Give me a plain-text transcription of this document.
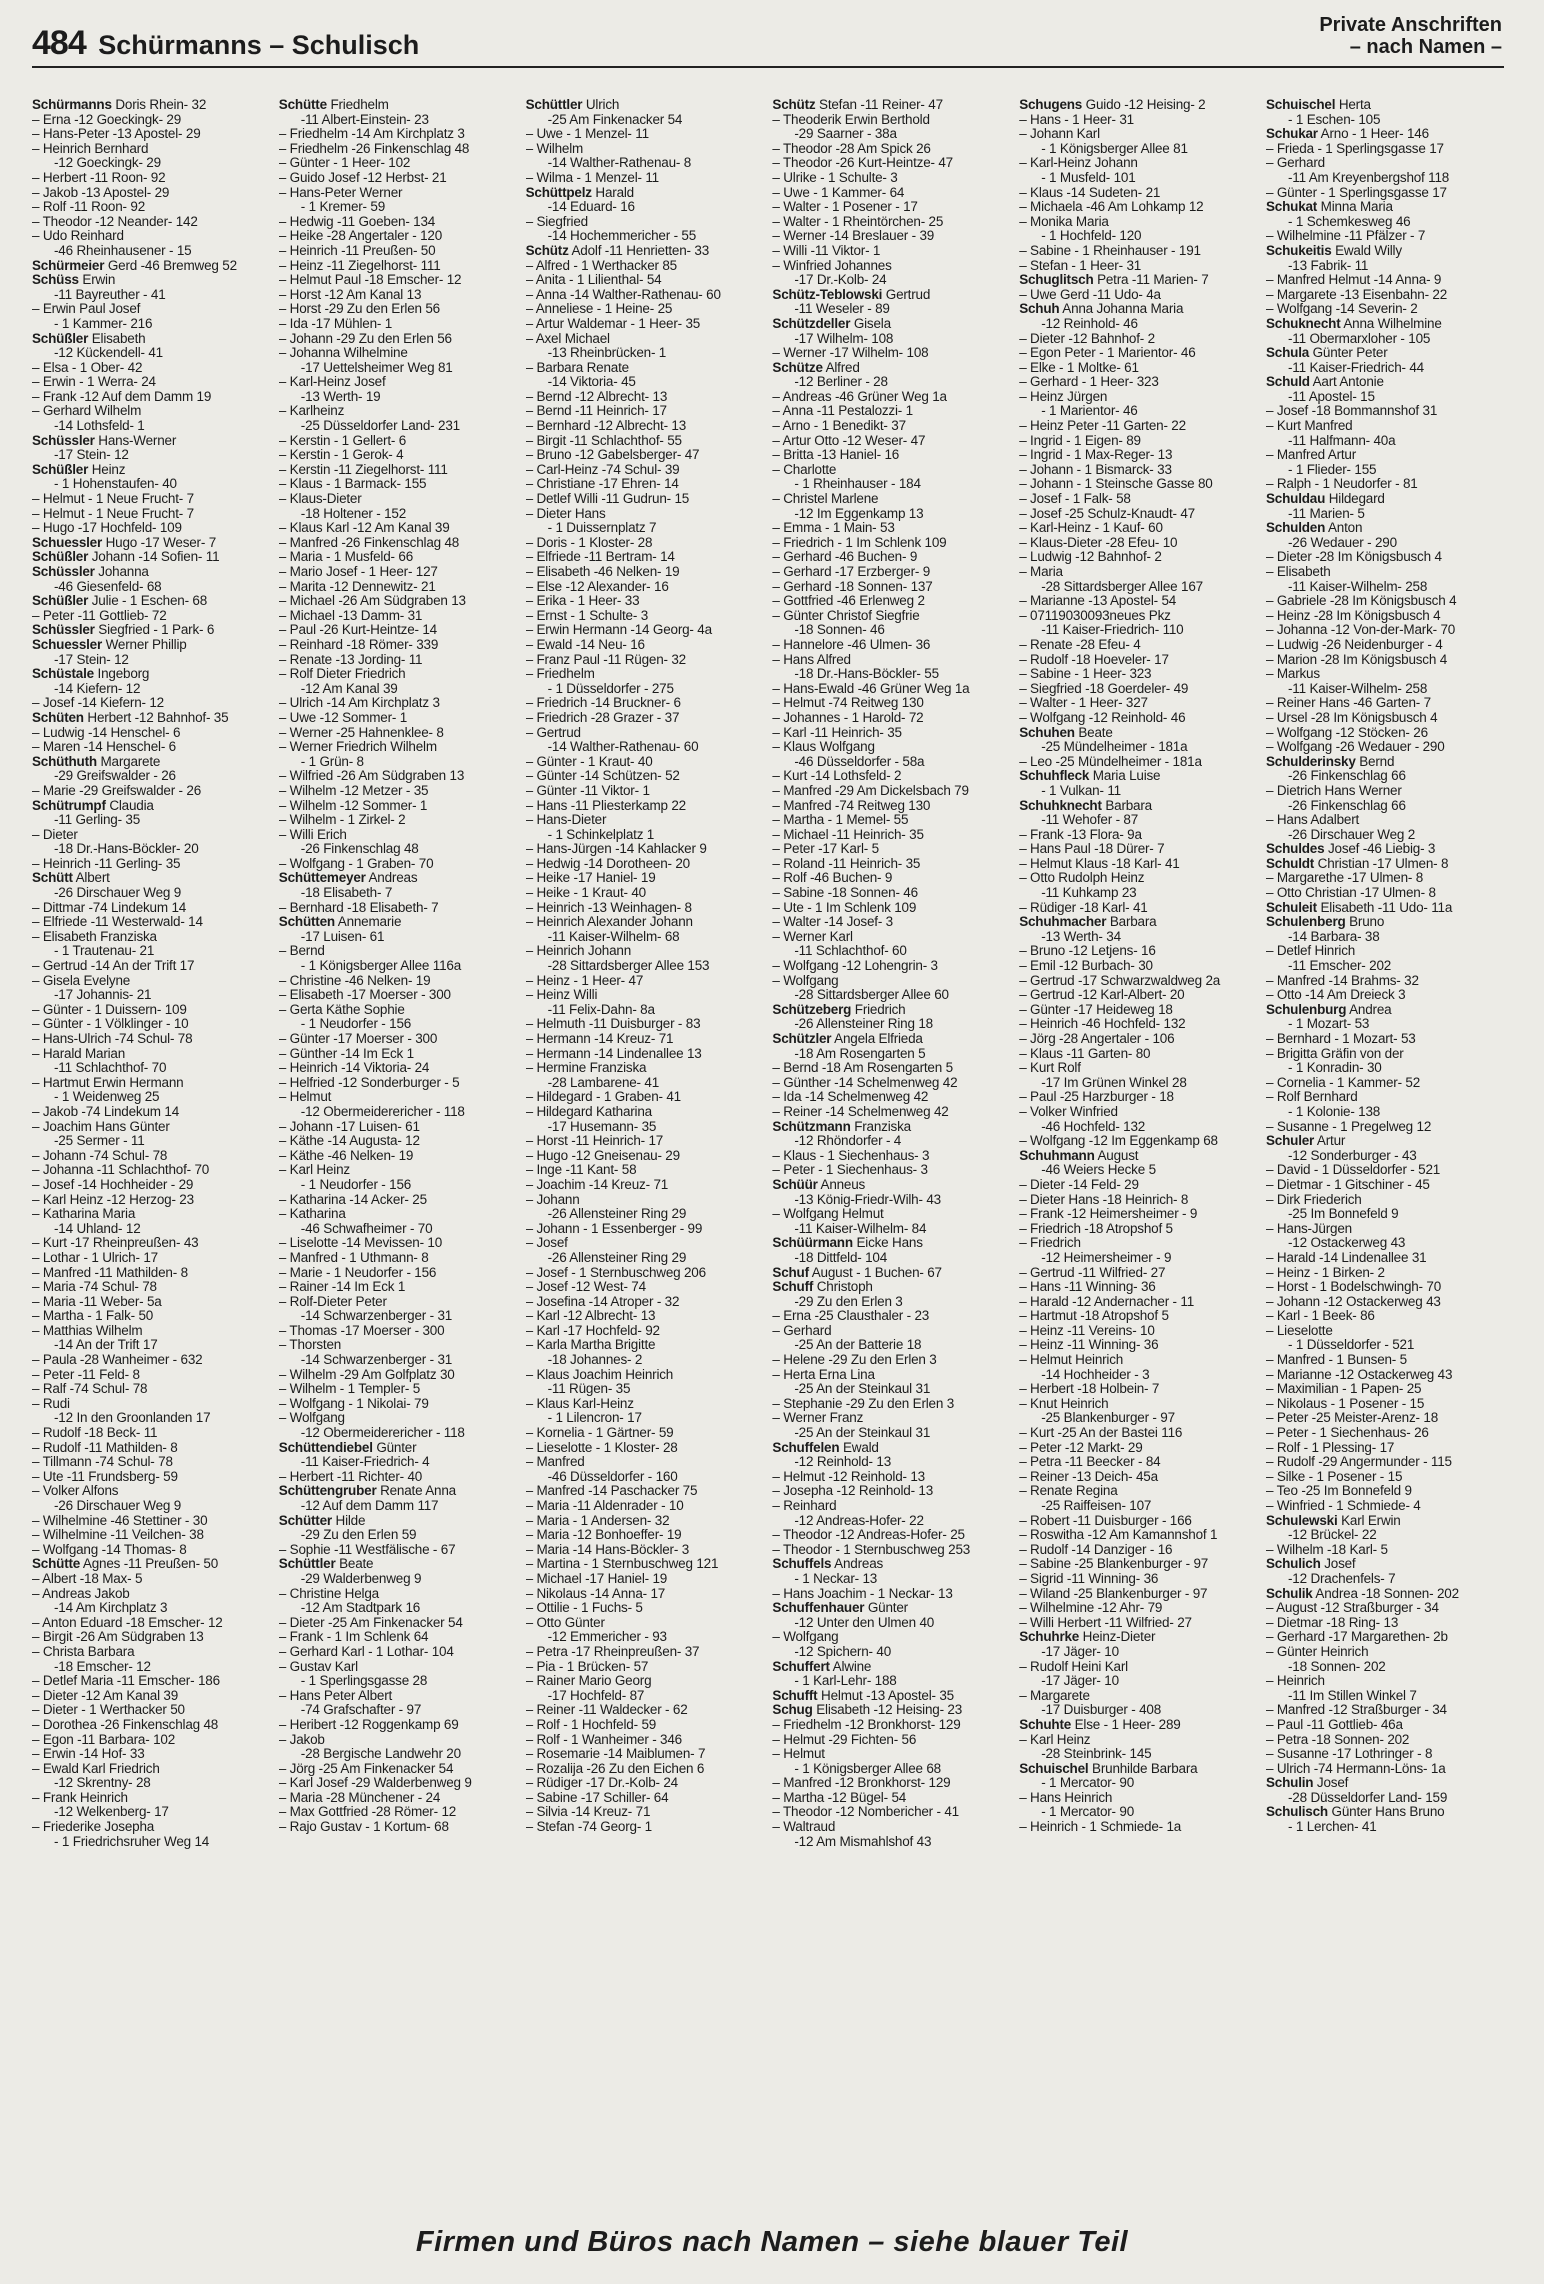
484 Schürmanns – Schulisch
Private Anschriften
– nach Namen –
Schürmanns Doris Rhein- 32
– Erna -12 Goeckingk- 29
– Hans-Peter -13 Apostel- 29
– Heinrich Bernhard
-12 Goeckingk- 29
– Herbert -11 Roon- 92
– Jakob -13 Apostel- 29
– Rolf -11 Roon- 92
– Theodor -12 Neander- 142
– Udo Reinhard
-46 Rheinhausener - 15
Schürmeier Gerd -46 Bremweg 52
Schüss Erwin
-11 Bayreuther - 41
– Erwin Paul Josef
- 1 Kammer- 216
Schüßler Elisabeth
-12 Kückendell- 41
– Elsa - 1 Ober- 42
– Erwin - 1 Werra- 24
– Frank -12 Auf dem Damm 19
– Gerhard Wilhelm
-14 Lothsfeld- 1
Schüssler Hans-Werner
-17 Stein- 12
Schüßler Heinz
- 1 Hohenstaufen- 40
– Helmut - 1 Neue Frucht- 7
– Helmut - 1 Neue Frucht- 7
– Hugo -17 Hochfeld- 109
Schuessler Hugo -17 Weser- 7
Schüßler Johann -14 Sofien- 11
Schüssler Johanna
-46 Giesenfeld- 68
Schüßler Julie - 1 Eschen- 68
– Peter -11 Gottlieb- 72
Schüssler Siegfried - 1 Park- 6
Schuessler Werner Phillip
-17 Stein- 12
Schüstale Ingeborg
-14 Kiefern- 12
– Josef -14 Kiefern- 12
Schüten Herbert -12 Bahnhof- 35
– Ludwig -14 Henschel- 6
– Maren -14 Henschel- 6
Schüthuth Margarete
-29 Greifswalder - 26
– Marie -29 Greifswalder - 26
Schütrumpf Claudia
-11 Gerling- 35
– Dieter
-18 Dr.-Hans-Böckler- 20
– Heinrich -11 Gerling- 35
Schütt Albert
-26 Dirschauer Weg 9
– Dittmar -74 Lindekum 14
– Elfriede -11 Westerwald- 14
– Elisabeth Franziska
- 1 Trautenau- 21
– Gertrud -14 An der Trift 17
– Gisela Evelyne
-17 Johannis- 21
– Günter - 1 Duissern- 109
– Günter - 1 Völklinger - 10
– Hans-Ulrich -74 Schul- 78
– Harald Marian
-11 Schlachthof- 70
– Hartmut Erwin Hermann
- 1 Weidenweg 25
– Jakob -74 Lindekum 14
– Joachim Hans Günter
-25 Sermer - 11
– Johann -74 Schul- 78
– Johanna -11 Schlachthof- 70
– Josef -14 Hochheider - 29
– Karl Heinz -12 Herzog- 23
– Katharina Maria
-14 Uhland- 12
– Kurt -17 Rheinpreußen- 43
– Lothar - 1 Ulrich- 17
– Manfred -11 Mathilden- 8
– Maria -74 Schul- 78
– Maria -11 Weber- 5a
– Martha - 1 Falk- 50
– Matthias Wilhelm
-14 An der Trift 17
– Paula -28 Wanheimer - 632
– Peter -11 Feld- 8
– Ralf -74 Schul- 78
– Rudi
-12 In den Groonlanden 17
– Rudolf -18 Beck- 11
– Rudolf -11 Mathilden- 8
– Tillmann -74 Schul- 78
– Ute -11 Frundsberg- 59
– Volker Alfons
-26 Dirschauer Weg 9
– Wilhelmine -46 Stettiner - 30
– Wilhelmine -11 Veilchen- 38
– Wolfgang -14 Thomas- 8
Schütte Agnes -11 Preußen- 50
– Albert -18 Max- 5
– Andreas Jakob
-14 Am Kirchplatz 3
– Anton Eduard -18 Emscher- 12
– Birgit -26 Am Südgraben 13
– Christa Barbara
-18 Emscher- 12
– Detlef Maria -11 Emscher- 186
– Dieter -12 Am Kanal 39
– Dieter - 1 Werthacker 50
– Dorothea -26 Finkenschlag 48
– Egon -11 Barbara- 102
– Erwin -14 Hof- 33
– Ewald Karl Friedrich
-12 Skrentny- 28
– Frank Heinrich
-12 Welkenberg- 17
– Friederike Josepha
- 1 Friedrichsruher Weg 14
Schütte Friedhelm
-11 Albert-Einstein- 23
– Friedhelm -14 Am Kirchplatz 3
– Friedhelm -26 Finkenschlag 48
– Günter - 1 Heer- 102
– Guido Josef -12 Herbst- 21
– Hans-Peter Werner
- 1 Kremer- 59
– Hedwig -11 Goeben- 134
– Heike -28 Angertaler - 120
– Heinrich -11 Preußen- 50
– Heinz -11 Ziegelhorst- 111
– Helmut Paul -18 Emscher- 12
– Horst -12 Am Kanal 13
– Horst -29 Zu den Erlen 56
– Ida -17 Mühlen- 1
– Johann -29 Zu den Erlen 56
– Johanna Wilhelmine
-17 Uettelsheimer Weg 81
– Karl-Heinz Josef
-13 Werth- 19
– Karlheinz
-25 Düsseldorfer Land- 231
– Kerstin - 1 Gellert- 6
– Kerstin - 1 Gerok- 4
– Kerstin -11 Ziegelhorst- 111
– Klaus - 1 Barmack- 155
– Klaus-Dieter
-18 Holtener - 152
– Klaus Karl -12 Am Kanal 39
– Manfred -26 Finkenschlag 48
– Maria - 1 Musfeld- 66
– Mario Josef - 1 Heer- 127
– Marita -12 Dennewitz- 21
– Michael -26 Am Südgraben 13
– Michael -13 Damm- 31
– Paul -26 Kurt-Heintze- 14
– Reinhard -18 Römer- 339
– Renate -13 Jording- 11
– Rolf Dieter Friedrich
-12 Am Kanal 39
– Ulrich -14 Am Kirchplatz 3
– Uwe -12 Sommer- 1
– Werner -25 Hahnenklee- 8
– Werner Friedrich Wilhelm
- 1 Grün- 8
– Wilfried -26 Am Südgraben 13
– Wilhelm -12 Metzer - 35
– Wilhelm -12 Sommer- 1
– Wilhelm - 1 Zirkel- 2
– Willi Erich
-26 Finkenschlag 48
– Wolfgang - 1 Graben- 70
Schüttemeyer Andreas
-18 Elisabeth- 7
– Bernhard -18 Elisabeth- 7
Schütten Annemarie
-17 Luisen- 61
– Bernd
- 1 Königsberger Allee 116a
– Christine -46 Nelken- 19
– Elisabeth -17 Moerser - 300
– Gerta Käthe Sophie
- 1 Neudorfer - 156
– Günter -17 Moerser - 300
– Günther -14 Im Eck 1
– Heinrich -14 Viktoria- 24
– Helfried -12 Sonderburger - 5
– Helmut
-12 Obermeiderericher - 118
– Johann -17 Luisen- 61
– Käthe -14 Augusta- 12
– Käthe -46 Nelken- 19
– Karl Heinz
- 1 Neudorfer - 156
– Katharina -14 Acker- 25
– Katharina
-46 Schwafheimer - 70
– Liselotte -14 Mevissen- 10
– Manfred - 1 Uthmann- 8
– Marie - 1 Neudorfer - 156
– Rainer -14 Im Eck 1
– Rolf-Dieter Peter
-14 Schwarzenberger - 31
– Thomas -17 Moerser - 300
– Thorsten
-14 Schwarzenberger - 31
– Wilhelm -29 Am Golfplatz 30
– Wilhelm - 1 Templer- 5
– Wolfgang - 1 Nikolai- 79
– Wolfgang
-12 Obermeiderericher - 118
Schüttendiebel Günter
-11 Kaiser-Friedrich- 4
– Herbert -11 Richter- 40
Schüttengruber Renate Anna
-12 Auf dem Damm 117
Schütter Hilde
-29 Zu den Erlen 59
– Sophie -11 Westfälische - 67
Schüttler Beate
-29 Walderbenweg 9
– Christine Helga
-12 Am Stadtpark 16
– Dieter -25 Am Finkenacker 54
– Frank - 1 Im Schlenk 64
– Gerhard Karl - 1 Lothar- 104
– Gustav Karl
- 1 Sperlingsgasse 28
– Hans Peter Albert
-74 Grafschafter - 97
– Heribert -12 Roggenkamp 69
– Jakob
-28 Bergische Landwehr 20
– Jörg -25 Am Finkenacker 54
– Karl Josef -29 Walderbenweg 9
– Maria -28 Münchener - 24
– Max Gottfried -28 Römer- 12
– Rajo Gustav - 1 Kortum- 68
Schüttler Ulrich
-25 Am Finkenacker 54
– Uwe - 1 Menzel- 11
– Wilhelm
-14 Walther-Rathenau- 8
– Wilma - 1 Menzel- 11
Schüttpelz Harald
-14 Eduard- 16
– Siegfried
-14 Hochemmericher - 55
Schütz Adolf -11 Henrietten- 33
– Alfred - 1 Werthacker 85
– Anita - 1 Lilienthal- 54
– Anna -14 Walther-Rathenau- 60
– Anneliese - 1 Heine- 25
– Artur Waldemar - 1 Heer- 35
– Axel Michael
-13 Rheinbrücken- 1
– Barbara Renate
-14 Viktoria- 45
– Bernd -12 Albrecht- 13
– Bernd -11 Heinrich- 17
– Bernhard -12 Albrecht- 13
– Birgit -11 Schlachthof- 55
– Bruno -12 Gabelsberger- 47
– Carl-Heinz -74 Schul- 39
– Christiane -17 Ehren- 14
– Detlef Willi -11 Gudrun- 15
– Dieter Hans
- 1 Duissernplatz 7
– Doris - 1 Kloster- 28
– Elfriede -11 Bertram- 14
– Elisabeth -46 Nelken- 19
– Else -12 Alexander- 16
– Erika - 1 Heer- 33
– Ernst - 1 Schulte- 3
– Erwin Hermann -14 Georg- 4a
– Ewald -14 Neu- 16
– Franz Paul -11 Rügen- 32
– Friedhelm
- 1 Düsseldorfer - 275
– Friedrich -14 Bruckner- 6
– Friedrich -28 Grazer - 37
– Gertrud
-14 Walther-Rathenau- 60
– Günter - 1 Kraut- 40
– Günter -14 Schützen- 52
– Günter -11 Viktor- 1
– Hans -11 Pliesterkamp 22
– Hans-Dieter
- 1 Schinkelplatz 1
– Hans-Jürgen -14 Kahlacker 9
– Hedwig -14 Dorotheen- 20
– Heike -17 Haniel- 19
– Heike - 1 Kraut- 40
– Heinrich -13 Weinhagen- 8
– Heinrich Alexander Johann
-11 Kaiser-Wilhelm- 68
– Heinrich Johann
-28 Sittardsberger Allee 153
– Heinz - 1 Heer- 47
– Heinz Willi
-11 Felix-Dahn- 8a
– Helmuth -11 Duisburger - 83
– Hermann -14 Kreuz- 71
– Hermann -14 Lindenallee 13
– Hermine Franziska
-28 Lambarene- 41
– Hildegard - 1 Graben- 41
– Hildegard Katharina
-17 Husemann- 35
– Horst -11 Heinrich- 17
– Hugo -12 Gneisenau- 29
– Inge -11 Kant- 58
– Joachim -14 Kreuz- 71
– Johann
-26 Allensteiner Ring 29
– Johann - 1 Essenberger - 99
– Josef
-26 Allensteiner Ring 29
– Josef - 1 Sternbuschweg 206
– Josef -12 West- 74
– Josefina -14 Atroper - 32
– Karl -12 Albrecht- 13
– Karl -17 Hochfeld- 92
– Karla Martha Brigitte
-18 Johannes- 2
– Klaus Joachim Heinrich
-11 Rügen- 35
– Klaus Karl-Heinz
- 1 Lilencron- 17
– Kornelia - 1 Gärtner- 59
– Lieselotte - 1 Kloster- 28
– Manfred
-46 Düsseldorfer - 160
– Manfred -14 Paschacker 75
– Maria -11 Aldenrader - 10
– Maria - 1 Andersen- 32
– Maria -12 Bonhoeffer- 19
– Maria -14 Hans-Böckler- 3
– Martina - 1 Sternbuschweg 121
– Michael -17 Haniel- 19
– Nikolaus -14 Anna- 17
– Ottilie - 1 Fuchs- 5
– Otto Günter
-12 Emmericher - 93
– Petra -17 Rheinpreußen- 37
– Pia - 1 Brücken- 57
– Rainer Mario Georg
-17 Hochfeld- 87
– Reiner -11 Waldecker - 62
– Rolf - 1 Hochfeld- 59
– Rolf - 1 Wanheimer - 346
– Rosemarie -14 Maiblumen- 7
– Rozalija -26 Zu den Eichen 6
– Rüdiger -17 Dr.-Kolb- 24
– Sabine -17 Schiller- 64
– Silvia -14 Kreuz- 71
– Stefan -74 Georg- 1
Schütz Stefan -11 Reiner- 47
– Theoderik Erwin Berthold
-29 Saarner - 38a
– Theodor -28 Am Spick 26
– Theodor -26 Kurt-Heintze- 47
– Ulrike - 1 Schulte- 3
– Uwe - 1 Kammer- 64
– Walter - 1 Posener - 17
– Walter - 1 Rheintörchen- 25
– Werner -14 Breslauer - 39
– Willi -11 Viktor- 1
– Winfried Johannes
-17 Dr.-Kolb- 24
Schütz-Teblowski Gertrud
-11 Weseler - 89
Schützdeller Gisela
-17 Wilhelm- 108
– Werner -17 Wilhelm- 108
Schütze Alfred
-12 Berliner - 28
– Andreas -46 Grüner Weg 1a
– Anna -11 Pestalozzi- 1
– Arno - 1 Benedikt- 37
– Artur Otto -12 Weser- 47
– Britta -13 Haniel- 16
– Charlotte
- 1 Rheinhauser - 184
– Christel Marlene
-12 Im Eggenkamp 13
– Emma - 1 Main- 53
– Friedrich - 1 Im Schlenk 109
– Gerhard -46 Buchen- 9
– Gerhard -17 Erzberger- 9
– Gerhard -18 Sonnen- 137
– Gottfried -46 Erlenweg 2
– Günter Christof Siegfrie
-18 Sonnen- 46
– Hannelore -46 Ulmen- 36
– Hans Alfred
-18 Dr.-Hans-Böckler- 55
– Hans-Ewald -46 Grüner Weg 1a
– Helmut -74 Reitweg 130
– Johannes - 1 Harold- 72
– Karl -11 Heinrich- 35
– Klaus Wolfgang
-46 Düsseldorfer - 58a
– Kurt -14 Lothsfeld- 2
– Manfred -29 Am Dickelsbach 79
– Manfred -74 Reitweg 130
– Martha - 1 Memel- 55
– Michael -11 Heinrich- 35
– Peter -17 Karl- 5
– Roland -11 Heinrich- 35
– Rolf -46 Buchen- 9
– Sabine -18 Sonnen- 46
– Ute - 1 Im Schlenk 109
– Walter -14 Josef- 3
– Werner Karl
-11 Schlachthof- 60
– Wolfgang -12 Lohengrin- 3
– Wolfgang
-28 Sittardsberger Allee 60
Schützeberg Friedrich
-26 Allensteiner Ring 18
Schützler Angela Elfrieda
-18 Am Rosengarten 5
– Bernd -18 Am Rosengarten 5
– Günther -14 Schelmenweg 42
– Ida -14 Schelmenweg 42
– Reiner -14 Schelmenweg 42
Schützmann Franziska
-12 Rhöndorfer - 4
– Klaus - 1 Siechenhaus- 3
– Peter - 1 Siechenhaus- 3
Schüür Anneus
-13 König-Friedr-Wilh- 43
– Wolfgang Helmut
-11 Kaiser-Wilhelm- 84
Schüürmann Eicke Hans
-18 Dittfeld- 104
Schuf August - 1 Buchen- 67
Schuff Christoph
-29 Zu den Erlen 3
– Erna -25 Clausthaler - 23
– Gerhard
-25 An der Batterie 18
– Helene -29 Zu den Erlen 3
– Herta Erna Lina
-25 An der Steinkaul 31
– Stephanie -29 Zu den Erlen 3
– Werner Franz
-25 An der Steinkaul 31
Schuffelen Ewald
-12 Reinhold- 13
– Helmut -12 Reinhold- 13
– Josepha -12 Reinhold- 13
– Reinhard
-12 Andreas-Hofer- 22
– Theodor -12 Andreas-Hofer- 25
– Theodor - 1 Sternbuschweg 253
Schuffels Andreas
- 1 Neckar- 13
– Hans Joachim - 1 Neckar- 13
Schuffenhauer Günter
-12 Unter den Ulmen 40
– Wolfgang
-12 Spichern- 40
Schuffert Alwine
- 1 Karl-Lehr- 188
Schufft Helmut -13 Apostel- 35
Schug Elisabeth -12 Heising- 23
– Friedhelm -12 Bronkhorst- 129
– Helmut -29 Fichten- 56
– Helmut
- 1 Königsberger Allee 68
– Manfred -12 Bronkhorst- 129
– Martha -12 Bügel- 54
– Theodor -12 Nombericher - 41
– Waltraud
-12 Am Mismahlshof 43
Schugens Guido -12 Heising- 2
– Hans - 1 Heer- 31
– Johann Karl
- 1 Königsberger Allee 81
– Karl-Heinz Johann
- 1 Musfeld- 101
– Klaus -14 Sudeten- 21
– Michaela -46 Am Lohkamp 12
– Monika Maria
- 1 Hochfeld- 120
– Sabine - 1 Rheinhauser - 191
– Stefan - 1 Heer- 31
Schuglitsch Petra -11 Marien- 7
– Uwe Gerd -11 Udo- 4a
Schuh Anna Johanna Maria
-12 Reinhold- 46
– Dieter -12 Bahnhof- 2
– Egon Peter - 1 Marientor- 46
– Elke - 1 Moltke- 61
– Gerhard - 1 Heer- 323
– Heinz Jürgen
- 1 Marientor- 46
– Heinz Peter -11 Garten- 22
– Ingrid - 1 Eigen- 89
– Ingrid - 1 Max-Reger- 13
– Johann - 1 Bismarck- 33
– Johann - 1 Steinsche Gasse 80
– Josef - 1 Falk- 58
– Josef -25 Schulz-Knaudt- 47
– Karl-Heinz - 1 Kauf- 60
– Klaus-Dieter -28 Efeu- 10
– Ludwig -12 Bahnhof- 2
– Maria
-28 Sittardsberger Allee 167
– Marianne -13 Apostel- 54
– 07119030093neues Pkz
-11 Kaiser-Friedrich- 110
– Renate -28 Efeu- 4
– Rudolf -18 Hoeveler- 17
– Sabine - 1 Heer- 323
– Siegfried -18 Goerdeler- 49
– Walter - 1 Heer- 327
– Wolfgang -12 Reinhold- 46
Schuhen Beate
-25 Mündelheimer - 181a
– Leo -25 Mündelheimer - 181a
Schuhfleck Maria Luise
- 1 Vulkan- 11
Schuhknecht Barbara
-11 Wehofer - 87
– Frank -13 Flora- 9a
– Hans Paul -18 Dürer- 7
– Helmut Klaus -18 Karl- 41
– Otto Rudolph Heinz
-11 Kuhkamp 23
– Rüdiger -18 Karl- 41
Schuhmacher Barbara
-13 Werth- 34
– Bruno -12 Letjens- 16
– Emil -12 Burbach- 30
– Gertrud -17 Schwarzwaldweg 2a
– Gertrud -12 Karl-Albert- 20
– Günter -17 Heideweg 18
– Heinrich -46 Hochfeld- 132
– Jörg -28 Angertaler - 106
– Klaus -11 Garten- 80
– Kurt Rolf
-17 Im Grünen Winkel 28
– Paul -25 Harzburger - 18
– Volker Winfried
-46 Hochfeld- 132
– Wolfgang -12 Im Eggenkamp 68
Schuhmann August
-46 Weiers Hecke 5
– Dieter -14 Feld- 29
– Dieter Hans -18 Heinrich- 8
– Frank -12 Heimersheimer - 9
– Friedrich -18 Atropshof 5
– Friedrich
-12 Heimersheimer - 9
– Gertrud -11 Wilfried- 27
– Hans -11 Winning- 36
– Harald -12 Andernacher - 11
– Hartmut -18 Atropshof 5
– Heinz -11 Vereins- 10
– Heinz -11 Winning- 36
– Helmut Heinrich
-14 Hochheider - 3
– Herbert -18 Holbein- 7
– Knut Heinrich
-25 Blankenburger - 97
– Kurt -25 An der Bastei 116
– Peter -12 Markt- 29
– Petra -11 Beecker - 84
– Reiner -13 Deich- 45a
– Renate Regina
-25 Raiffeisen- 107
– Robert -11 Duisburger - 166
– Roswitha -12 Am Kamannshof 1
– Rudolf -14 Danziger - 16
– Sabine -25 Blankenburger - 97
– Sigrid -11 Winning- 36
– Wiland -25 Blankenburger - 97
– Wilhelmine -12 Ahr- 79
– Willi Herbert -11 Wilfried- 27
Schuhrke Heinz-Dieter
-17 Jäger- 10
– Rudolf Heini Karl
-17 Jäger- 10
– Margarete
-17 Duisburger - 408
Schuhte Else - 1 Heer- 289
– Karl Heinz
-28 Steinbrink- 145
Schuischel Brunhilde Barbara
- 1 Mercator- 90
– Hans Heinrich
- 1 Mercator- 90
– Heinrich - 1 Schmiede- 1a
Schuischel Herta
- 1 Eschen- 105
Schukar Arno - 1 Heer- 146
– Frieda - 1 Sperlingsgasse 17
– Gerhard
-11 Am Kreyenbergshof 118
– Günter - 1 Sperlingsgasse 17
Schukat Minna Maria
- 1 Schemkesweg 46
– Wilhelmine -11 Pfälzer - 7
Schukeitis Ewald Willy
-13 Fabrik- 11
– Manfred Helmut -14 Anna- 9
– Margarete -13 Eisenbahn- 22
– Wolfgang -14 Severin- 2
Schuknecht Anna Wilhelmine
-11 Obermarxloher - 105
Schula Günter Peter
-11 Kaiser-Friedrich- 44
Schuld Aart Antonie
-11 Apostel- 15
– Josef -18 Bommannshof 31
– Kurt Manfred
-11 Halfmann- 40a
– Manfred Artur
- 1 Flieder- 155
– Ralph - 1 Neudorfer - 81
Schuldau Hildegard
-11 Marien- 5
Schulden Anton
-26 Wedauer - 290
– Dieter -28 Im Königsbusch 4
– Elisabeth
-11 Kaiser-Wilhelm- 258
– Gabriele -28 Im Königsbusch 4
– Heinz -28 Im Königsbusch 4
– Johanna -12 Von-der-Mark- 70
– Ludwig -26 Neidenburger - 4
– Marion -28 Im Königsbusch 4
– Markus
-11 Kaiser-Wilhelm- 258
– Reiner Hans -46 Garten- 7
– Ursel -28 Im Königsbusch 4
– Wolfgang -12 Stöcken- 26
– Wolfgang -26 Wedauer - 290
Schulderinsky Bernd
-26 Finkenschlag 66
– Dietrich Hans Werner
-26 Finkenschlag 66
– Hans Adalbert
-26 Dirschauer Weg 2
Schuldes Josef -46 Liebig- 3
Schuldt Christian -17 Ulmen- 8
– Margarethe -17 Ulmen- 8
– Otto Christian -17 Ulmen- 8
Schuleit Elisabeth -11 Udo- 11a
Schulenberg Bruno
-14 Barbara- 38
– Detlef Hinrich
-11 Emscher- 202
– Manfred -14 Brahms- 32
– Otto -14 Am Dreieck 3
Schulenburg Andrea
- 1 Mozart- 53
– Bernhard - 1 Mozart- 53
– Brigitta Gräfin von der
- 1 Konradin- 30
– Cornelia - 1 Kammer- 52
– Rolf Bernhard
- 1 Kolonie- 138
– Susanne - 1 Pregelweg 12
Schuler Artur
-12 Sonderburger - 43
– David - 1 Düsseldorfer - 521
– Dietmar - 1 Gitschiner - 45
– Dirk Friederich
-25 Im Bonnefeld 9
– Hans-Jürgen
-12 Ostackerweg 43
– Harald -14 Lindenallee 31
– Heinz - 1 Birken- 2
– Horst - 1 Bodelschwingh- 70
– Johann -12 Ostackerweg 43
– Karl - 1 Beek- 86
– Lieselotte
- 1 Düsseldorfer - 521
– Manfred - 1 Bunsen- 5
– Marianne -12 Ostackerweg 43
– Maximilian - 1 Papen- 25
– Nikolaus - 1 Posener - 15
– Peter -25 Meister-Arenz- 18
– Peter - 1 Siechenhaus- 26
– Rolf - 1 Plessing- 17
– Rudolf -29 Angermunder - 115
– Silke - 1 Posener - 15
– Teo -25 Im Bonnefeld 9
– Winfried - 1 Schmiede- 4
Schulewski Karl Erwin
-12 Brückel- 22
– Wilhelm -18 Karl- 5
Schulich Josef
-12 Drachenfels- 7
Schulik Andrea -18 Sonnen- 202
– August -12 Straßburger - 34
– Dietmar -18 Ring- 13
– Gerhard -17 Margarethen- 2b
– Günter Heinrich
-18 Sonnen- 202
– Heinrich
-11 Im Stillen Winkel 7
– Manfred -12 Straßburger - 34
– Paul -11 Gottlieb- 46a
– Petra -18 Sonnen- 202
– Susanne -17 Lothringer - 8
– Ulrich -74 Hermann-Löns- 1a
Schulin Josef
-28 Düsseldorfer Land- 159
Schulisch Günter Hans Bruno
- 1 Lerchen- 41
Firmen und Büros nach Namen – siehe blauer Teil
